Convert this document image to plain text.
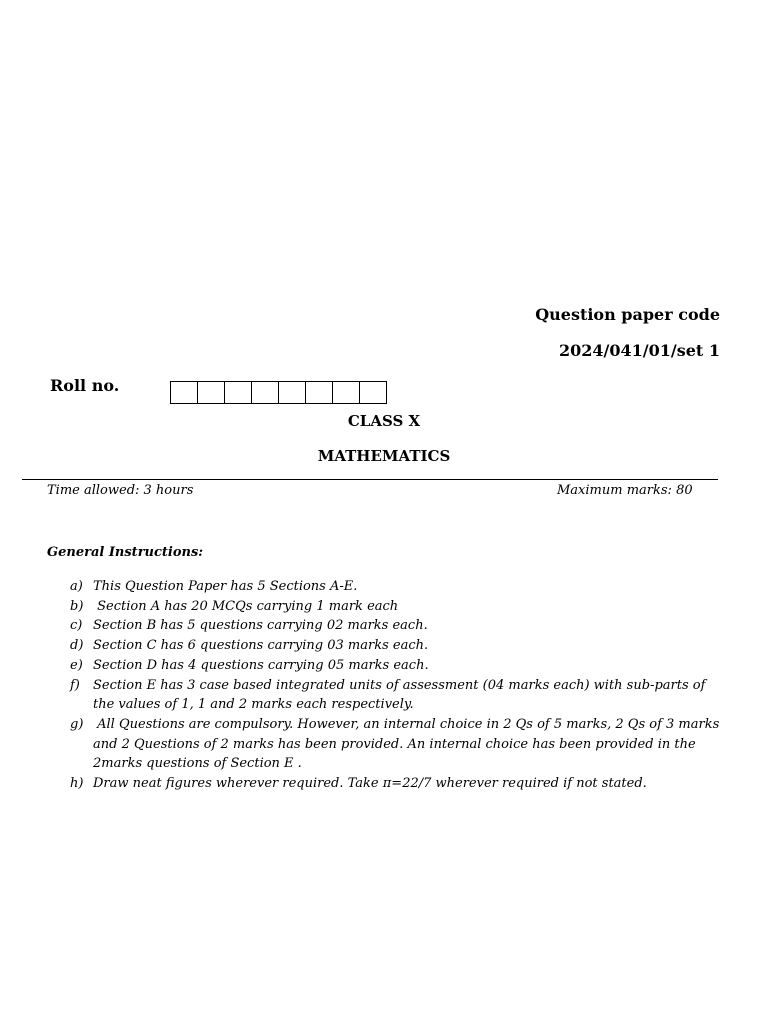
Question paper code
2024/041/01/set 1
Roll no.
CLASS X
MATHEMATICS
Time allowed: 3 hours	Maximum marks: 80
General Instructions:
a) This Question Paper has 5 Sections A-E.
b) Section A has 20 MCQs carrying 1 mark each
c) Section B has 5 questions carrying 02 marks each.
d) Section C has 6 questions carrying 03 marks each.
e) Section D has 4 questions carrying 05 marks each.
f) Section E has 3 case based integrated units of assessment (04 marks each) with sub-parts of the values of 1, 1 and 2 marks each respectively.
g) All Questions are compulsory. However, an internal choice in 2 Qs of 5 marks, 2 Qs of 3 marks and 2 Questions of 2 marks has been provided. An internal choice has been provided in the 2marks questions of Section E .
h) Draw neat figures wherever required. Take π=22/7 wherever required if not stated.
